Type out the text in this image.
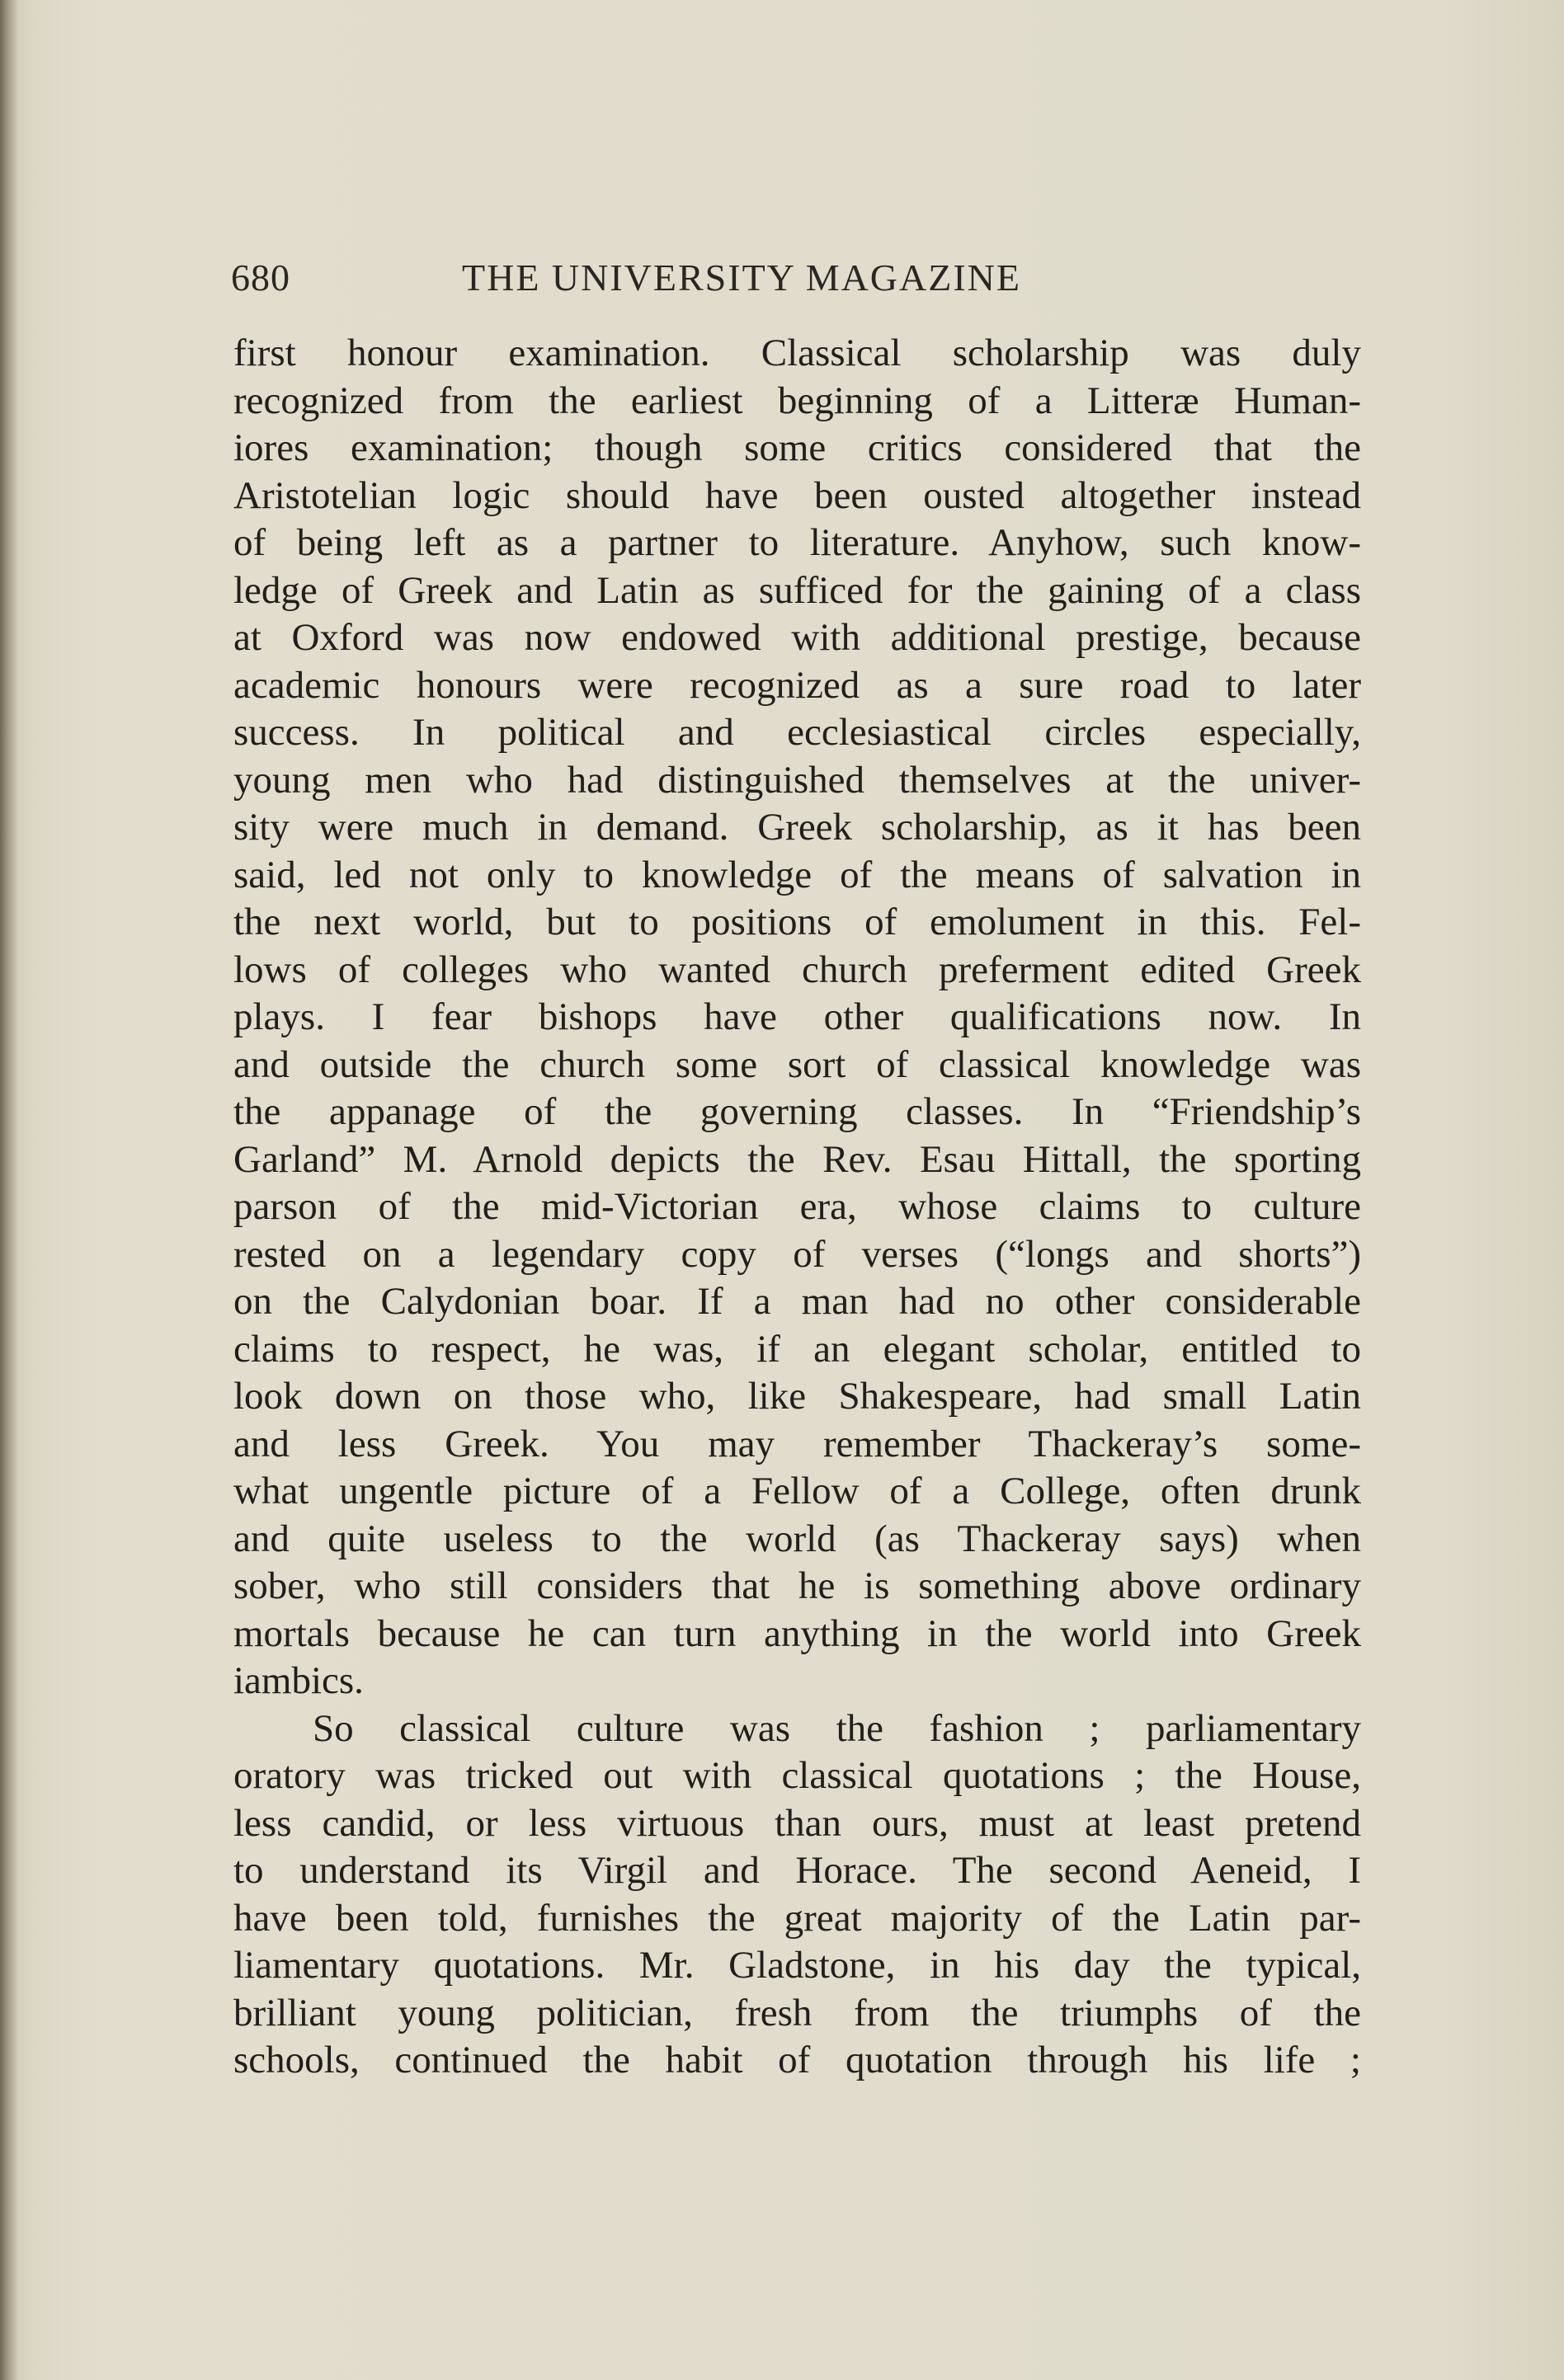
680	THE UNIVERSITY MAGAZINE

first honour examination. Classical scholarship was duly
recognized from the earliest beginning of a Litteræ Human-
iores examination; though some critics considered that the
Aristotelian logic should have been ousted altogether instead
of being left as a partner to literature. Anyhow, such know-
ledge of Greek and Latin as sufficed for the gaining of a class
at Oxford was now endowed with additional prestige, because
academic honours were recognized as a sure road to later
success. In political and ecclesiastical circles especially,
young men who had distinguished themselves at the univer-
sity were much in demand. Greek scholarship, as it has been
said, led not only to knowledge of the means of salvation in
the next world, but to positions of emolument in this. Fel-
lows of colleges who wanted church preferment edited Greek
plays. I fear bishops have other qualifications now. In
and outside the church some sort of classical knowledge was
the appanage of the governing classes. In “Friendship’s
Garland” M. Arnold depicts the Rev. Esau Hittall, the sporting
parson of the mid-Victorian era, whose claims to culture
rested on a legendary copy of verses (“longs and shorts”)
on the Calydonian boar. If a man had no other considerable
claims to respect, he was, if an elegant scholar, entitled to
look down on those who, like Shakespeare, had small Latin
and less Greek. You may remember Thackeray’s some-
what ungentle picture of a Fellow of a College, often drunk
and quite useless to the world (as Thackeray says) when
sober, who still considers that he is something above ordinary
mortals because he can turn anything in the world into Greek
iambics.

So classical culture was the fashion ; parliamentary
oratory was tricked out with classical quotations ; the House,
less candid, or less virtuous than ours, must at least pretend
to understand its Virgil and Horace. The second Aeneid, I
have been told, furnishes the great majority of the Latin par-
liamentary quotations. Mr. Gladstone, in his day the typical,
brilliant young politician, fresh from the triumphs of the
schools, continued the habit of quotation through his life ;
